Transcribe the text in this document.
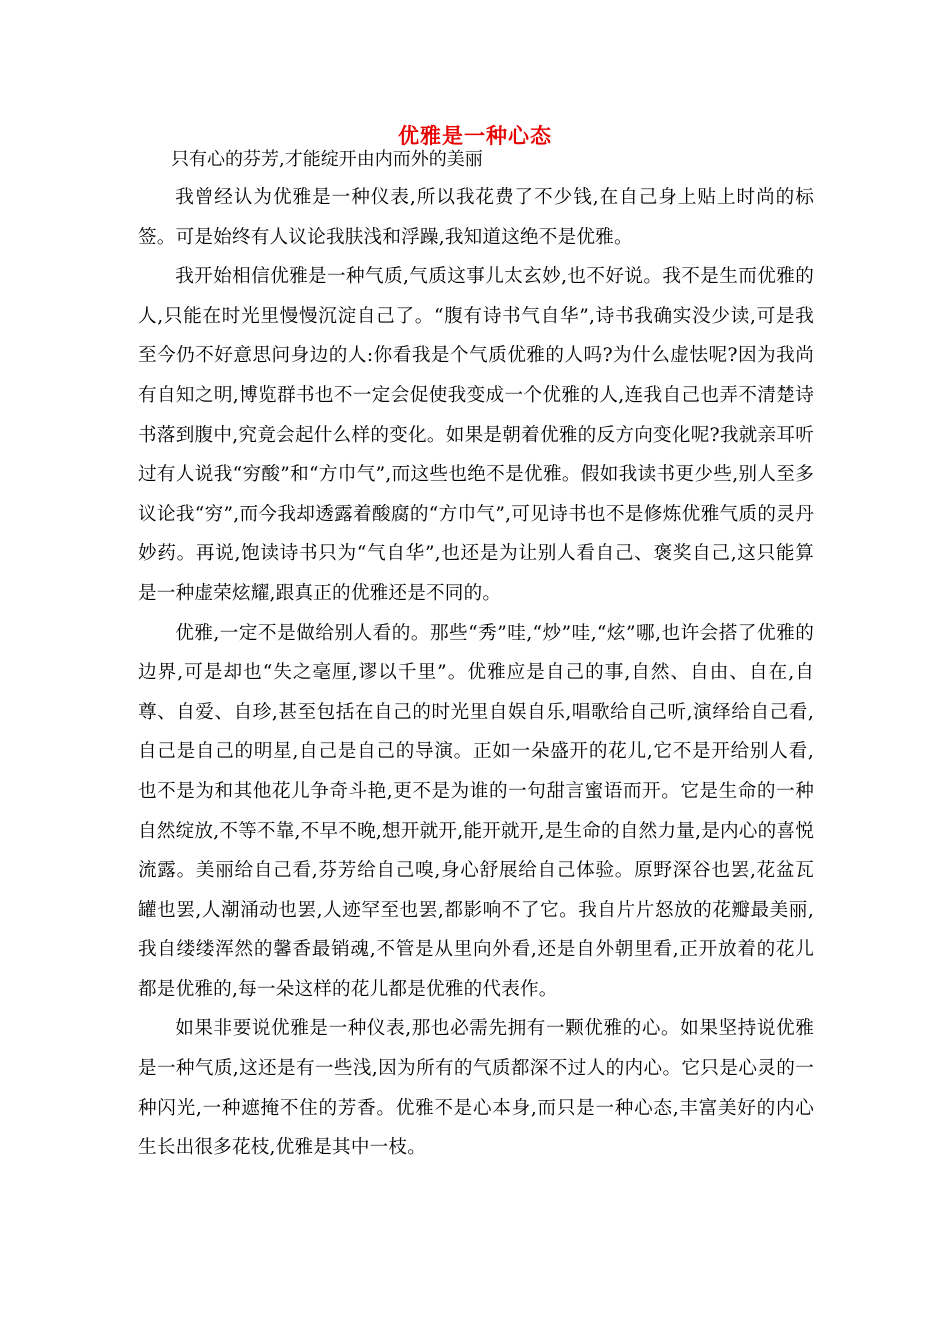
优雅是一种心态
只有心的芬芳,才能绽开由内而外的美丽

我曾经认为优雅是一种仪表,所以我花费了不少钱,在自己身上贴上时尚的标签。可是始终有人议论我肤浅和浮躁,我知道这绝不是优雅。

我开始相信优雅是一种气质,气质这事儿太玄妙,也不好说。我不是生而优雅的人,只能在时光里慢慢沉淀自己了。“腹有诗书气自华”,诗书我确实没少读,可是我至今仍不好意思问身边的人:你看我是个气质优雅的人吗?为什么虚怯呢?因为我尚有自知之明,博览群书也不一定会促使我变成一个优雅的人,连我自己也弄不清楚诗书落到腹中,究竟会起什么样的变化。如果是朝着优雅的反方向变化呢?我就亲耳听过有人说我“穷酸”和“方巾气”,而这些也绝不是优雅。假如我读书更少些,别人至多议论我“穷”,而今我却透露着酸腐的“方巾气”,可见诗书也不是修炼优雅气质的灵丹妙药。再说,饱读诗书只为“气自华”,也还是为让别人看自己、褒奖自己,这只能算是一种虚荣炫耀,跟真正的优雅还是不同的。

优雅,一定不是做给别人看的。那些“秀”哇,“炒”哇,“炫”哪,也许会搭了优雅的边界,可是却也“失之毫厘,谬以千里”。优雅应是自己的事,自然、自由、自在,自尊、自爱、自珍,甚至包括在自己的时光里自娱自乐,唱歌给自己听,演绎给自己看,自己是自己的明星,自己是自己的导演。正如一朵盛开的花儿,它不是开给别人看,也不是为和其他花儿争奇斗艳,更不是为谁的一句甜言蜜语而开。它是生命的一种自然绽放,不等不靠,不早不晚,想开就开,能开就开,是生命的自然力量,是内心的喜悦流露。美丽给自己看,芬芳给自己嗅,身心舒展给自己体验。原野深谷也罢,花盆瓦罐也罢,人潮涌动也罢,人迹罕至也罢,都影响不了它。我自片片怒放的花瓣最美丽,我自缕缕浑然的馨香最销魂,不管是从里向外看,还是自外朝里看,正开放着的花儿都是优雅的,每一朵这样的花儿都是优雅的代表作。

如果非要说优雅是一种仪表,那也必需先拥有一颗优雅的心。如果坚持说优雅是一种气质,这还是有一些浅,因为所有的气质都深不过人的内心。它只是心灵的一种闪光,一种遮掩不住的芳香。优雅不是心本身,而只是一种心态,丰富美好的内心生长出很多花枝,优雅是其中一枝。
